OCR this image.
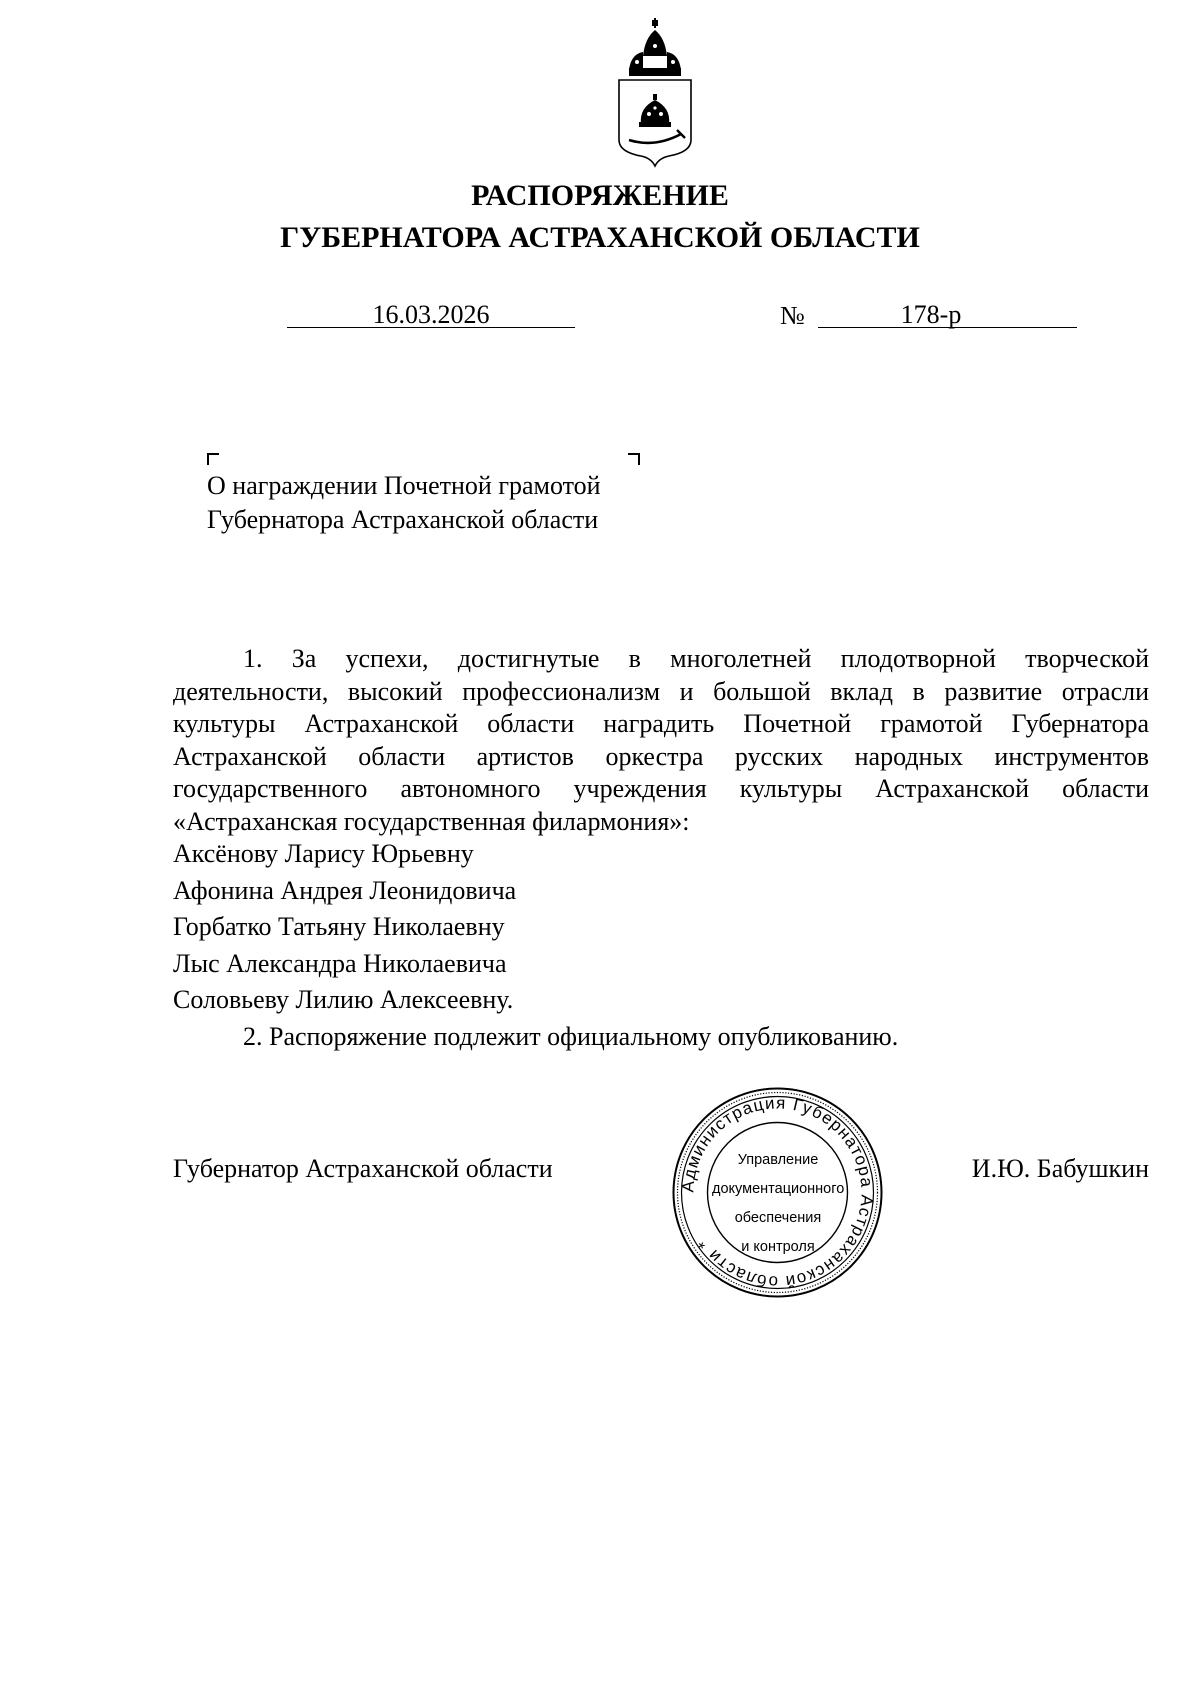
РАСПОРЯЖЕНИЕ
ГУБЕРНАТОРА АСТРАХАНСКОЙ ОБЛАСТИ
16.03.2026	№	178-р
О награждении Почетной грамотой
Губернатора Астраханской области
1. За успехи, достигнутые в многолетней плодотворной творческой деятельности, высокий профессионализм и большой вклад в развитие отрасли культуры Астраханской области наградить Почетной грамотой Губернатора Астраханской области артистов оркестра русских народных инструментов государственного автономного учреждения культуры Астраханской области «Астраханская государственная филармония»:
Аксёнову Ларису Юрьевну
Афонина Андрея Леонидовича
Горбатко Татьяну Николаевну
Лыс Александра Николаевича
Соловьеву Лилию Алексеевну.
2. Распоряжение подлежит официальному опубликованию.
Губернатор Астраханской области	И.Ю. Бабушкин
Администрация Губернатора Астраханской области *
Управление
документационного
обеспечения
и контроля
